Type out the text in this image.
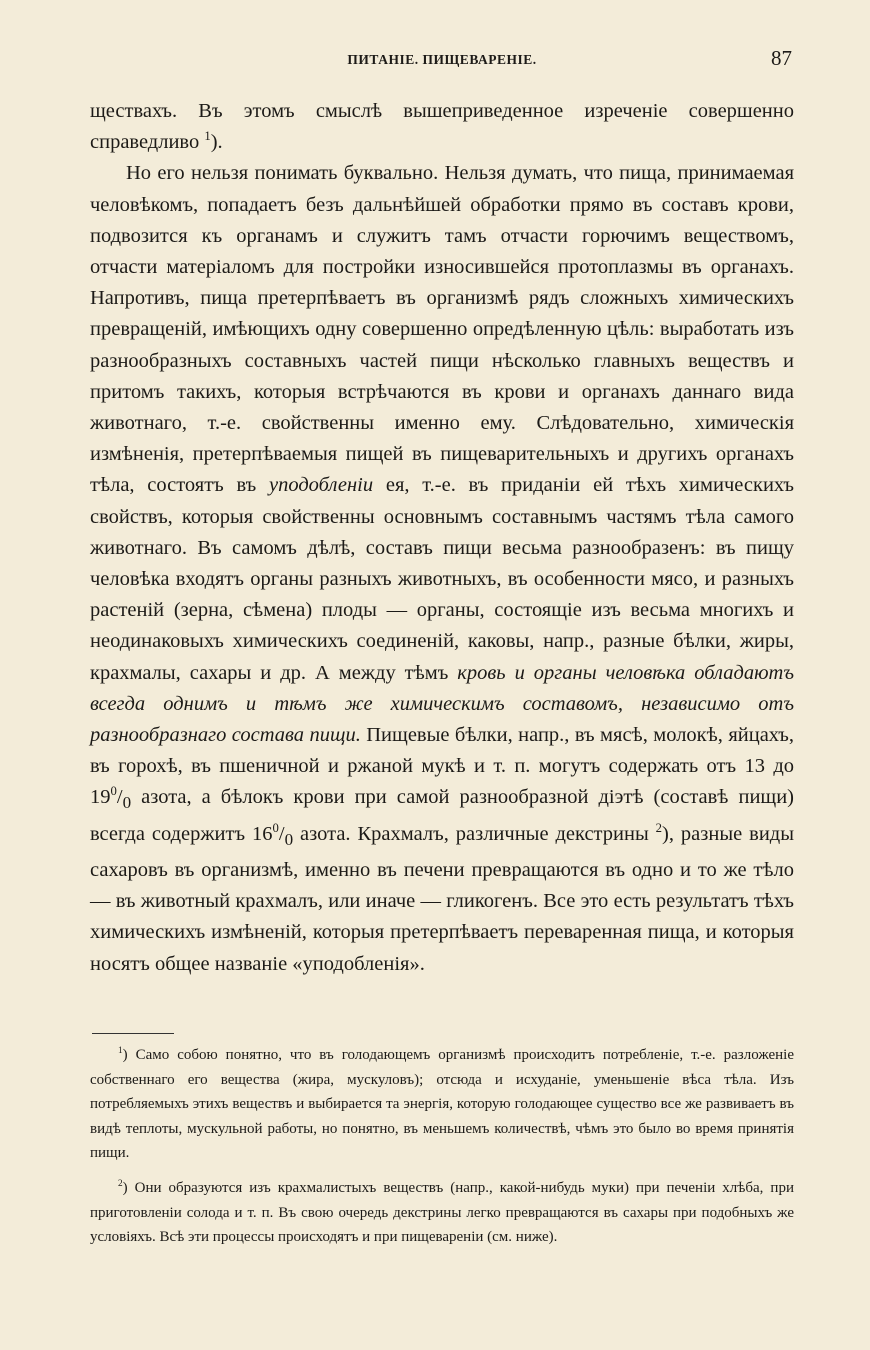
ПИТАНІЕ. ПИЩЕВАРЕНІЕ.	87

ществахъ. Въ этомъ смыслѣ вышеприведенное изреченіе совершенно справедливо $^1$).

Но его нельзя понимать буквально. Нельзя думать, что пища, принимаемая человѣкомъ, попадаетъ безъ дальнѣйшей обработки прямо въ составъ крови, подвозится къ органамъ и служитъ тамъ отчасти горючимъ веществомъ, отчасти матеріаломъ для постройки износившейся протоплазмы въ органахъ. Напротивъ, пища претерпѣваетъ въ организмѣ рядъ сложныхъ химическихъ превращеній, имѣющихъ одну совершенно опредѣленную цѣль: выработать изъ разнообразныхъ составныхъ частей пищи нѣсколько главныхъ веществъ и притомъ такихъ, которыя встрѣчаются въ крови и органахъ даннаго вида животнаго, т.-е. свойственны именно ему. Слѣдовательно, химическія измѣненія, претерпѣваемыя пищей въ пищеварительныхъ и другихъ органахъ тѣла, состоятъ въ уподобленіи ея, т.-е. въ приданіи ей тѣхъ химическихъ свойствъ, которыя свойственны основнымъ составнымъ частямъ тѣла самого животнаго. Въ самомъ дѣлѣ, составъ пищи весьма разнообразенъ: въ пищу человѣка входятъ органы разныхъ животныхъ, въ особенности мясо, и разныхъ растеній (зерна, сѣмена) плоды — органы, состоящіе изъ весьма многихъ и неодинаковыхъ химическихъ соединеній, каковы, напр., разные бѣлки, жиры, крахмалы, сахары и др. А между тѣмъ кровь и органы человѣка обладаютъ всегда однимъ и тѣмъ же химическимъ составомъ, независимо отъ разнообразнаго состава пищи. Пищевые бѣлки, напр., въ мясѣ, молокѣ, яйцахъ, въ горохѣ, въ пшеничной и ржаной мукѣ и т. п. могутъ содержать отъ 13 до $19^0/_0$ азота, а бѣлокъ крови при самой разнообразной діэтѣ (составѣ пищи) всегда содержитъ $16^0/_0$ азота. Крахмалъ, различные декстрины $^2$), разные виды сахаровъ въ организмѣ, именно въ печени превращаются въ одно и то же тѣло — въ животный крахмалъ, или иначе — гликогенъ. Все это есть результатъ тѣхъ химическихъ измѣненій, которыя претерпѣваетъ переваренная пища, и которыя носятъ общее названіе «уподобленія».

$^1$) Само собою понятно, что въ голодающемъ организмѣ происходитъ потребленіе, т.-е. разложеніе собственнаго его вещества (жира, мускуловъ); отсюда и исхуданіе, уменьшеніе вѣса тѣла. Изъ потребляемыхъ этихъ веществъ и выбирается та энергія, которую голодающее существо все же развиваетъ въ видѣ теплоты, мускульной работы, но понятно, въ меньшемъ количествѣ, чѣмъ это было во время принятія пищи.

$^2$) Они образуются изъ крахмалистыхъ веществъ (напр., какой-нибудь муки) при печеніи хлѣба, при приготовленіи солода и т. п. Въ свою очередь декстрины легко превращаются въ сахары при подобныхъ же условіяхъ. Всѣ эти процессы происходятъ и при пищевареніи (см. ниже).
